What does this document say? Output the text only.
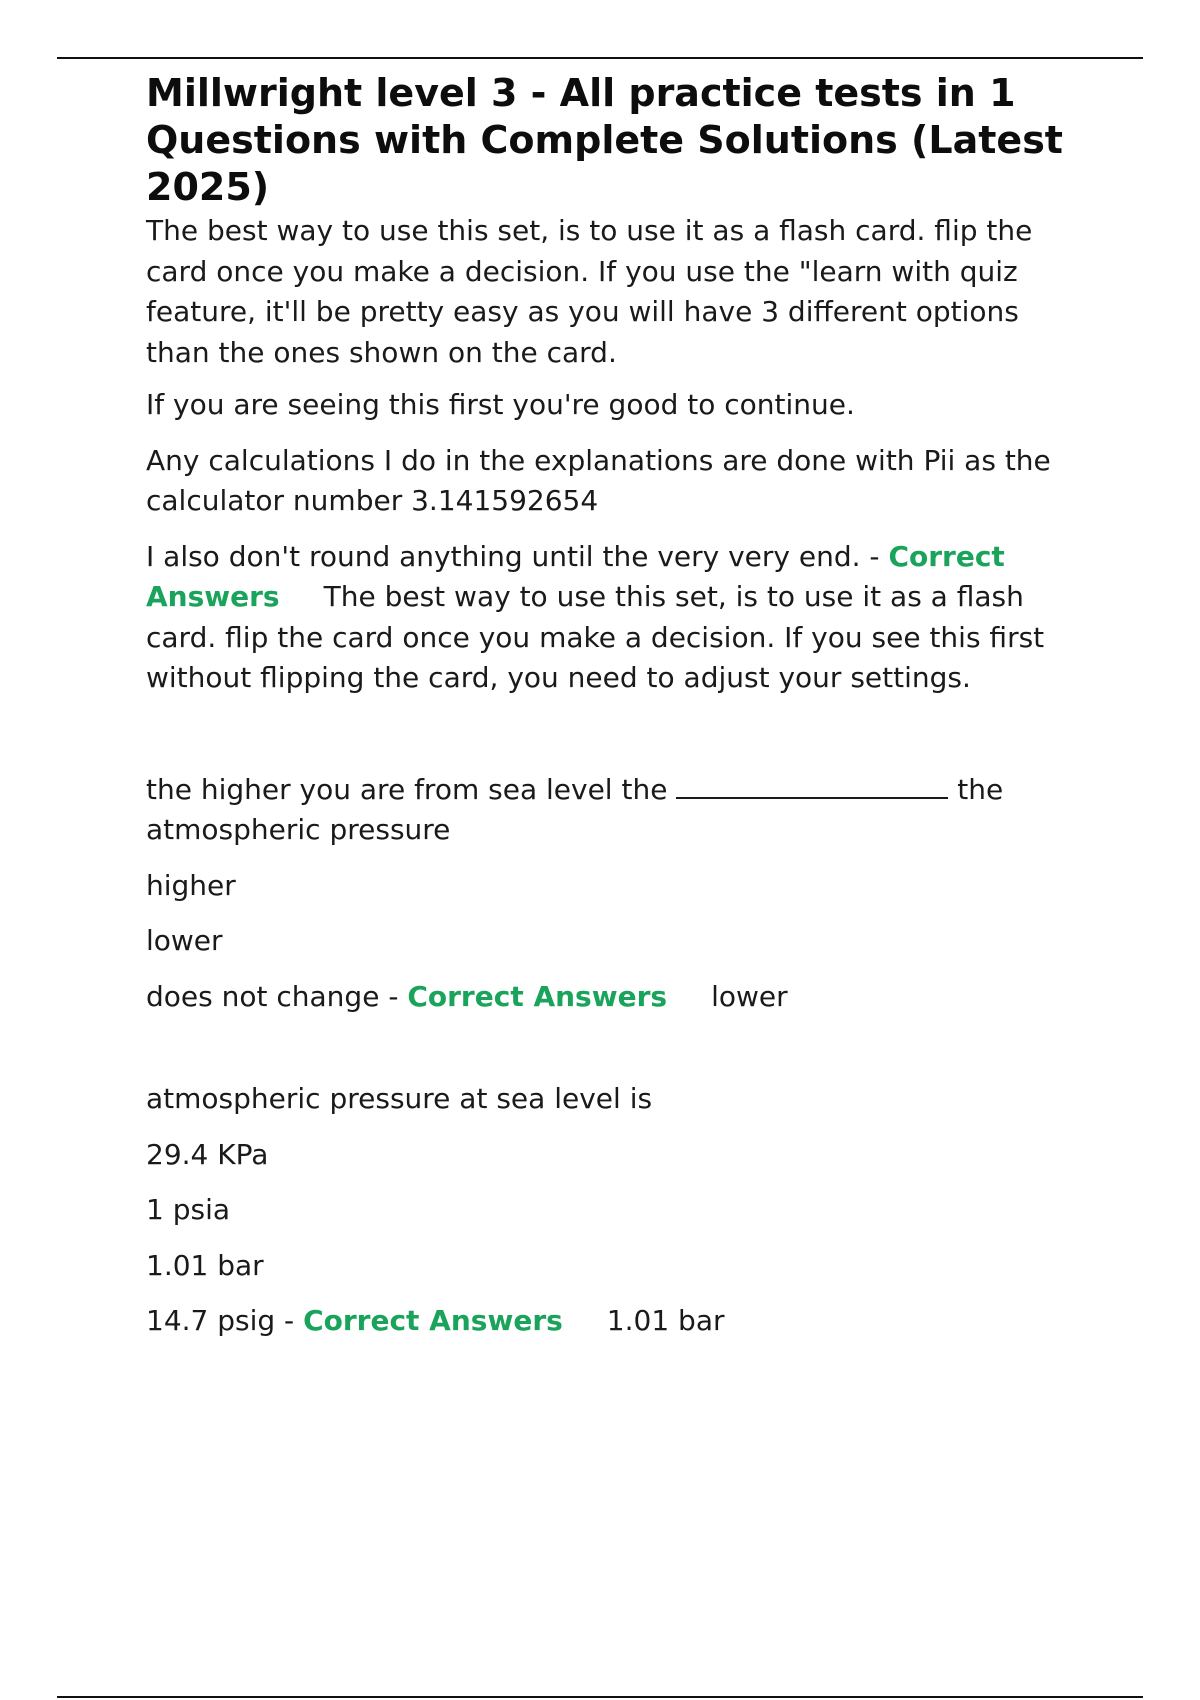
Millwright level 3 - All practice tests in 1 Questions with Complete Solutions (Latest 2025)

The best way to use this set, is to use it as a flash card. flip the card once you make a decision. If you use the "learn with quiz feature, it'll be pretty easy as you will have 3 different options than the ones shown on the card.

If you are seeing this first you're good to continue.

Any calculations I do in the explanations are done with Pii as the calculator number 3.141592654

I also don't round anything until the very very end. - Correct Answers The best way to use this set, is to use it as a flash card. flip the card once you make a decision. If you see this first without flipping the card, you need to adjust your settings.

the higher you are from sea level the	the atmospheric pressure

higher

lower

does not change - Correct Answers lower

atmospheric pressure at sea level is

29.4 KPa

1 psia

1.01 bar

14.7 psig - Correct Answers 1.01 bar
